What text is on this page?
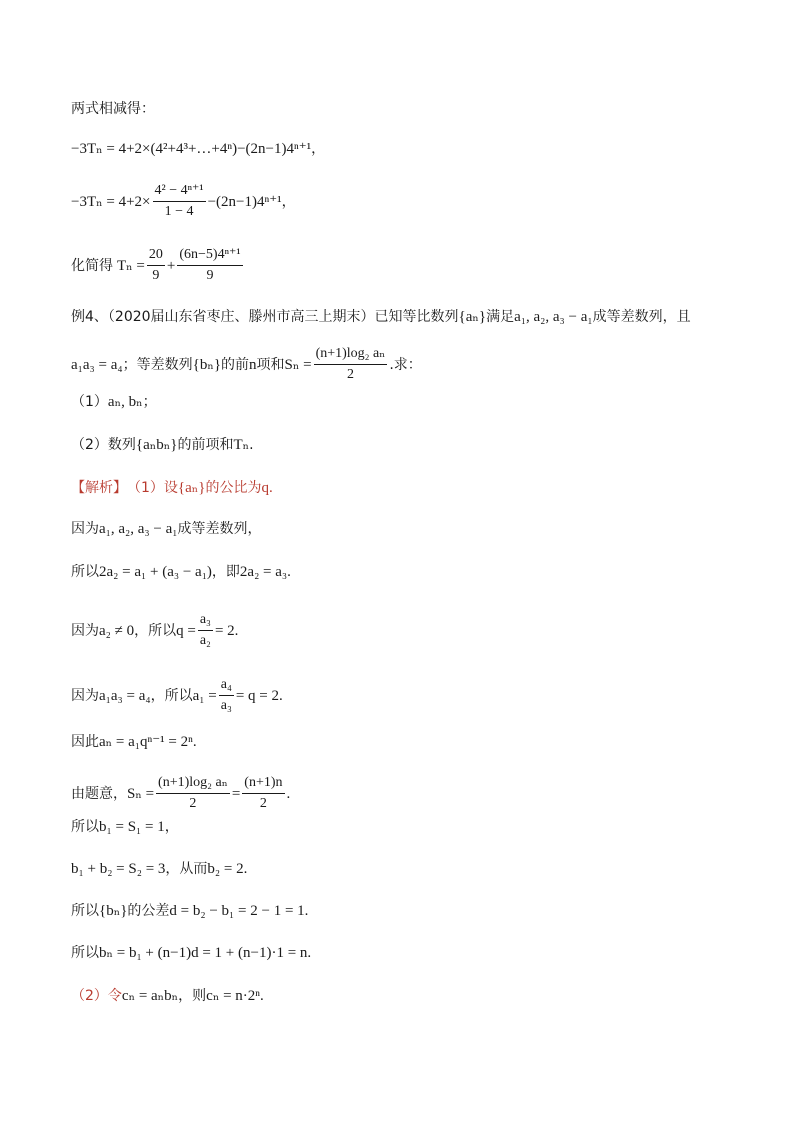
两式相减得：
−3Tₙ = 4+2×(4²+4³+…+4ⁿ)−(2n−1)4ⁿ⁺¹ ，
$-3T_n = 4+2\times \frac{\text{4² − 4ⁿ⁺¹}}{1 - 4} -(2n-1)4^{n+1}$ ，
化简得 $T_n = \frac{20}{9} + \frac{\text{(6n−5)4ⁿ⁺¹}}{9}$
例4、（2020届山东省枣庄、滕州市高三上期末）已知等比数列 {aₙ} 满足 a₁, a₂, a₃ − a₁ 成等差数列，且
a₁a₃ = a₄ ；等差数列 {bₙ} 的前 n 项和 $S_n = \frac{\text{(n+1)log₂ aₙ}}{2}$ .求：
（1） aₙ, bₙ ；
（2）数列 {aₙbₙ} 的前项和 Tₙ .
【解析】 （1）设 {aₙ} 的公比为 q.
因为 a₁, a₂, a₃ − a₁ 成等差数列，
所以 2a₂ = a₁ + (a₃ − a₁) ，即 2a₂ = a₃.
因为 a₂ ≠ 0 ，所以 $q = \frac{\text{a₃}}{\text{a₂}} = 2$.
因为 a₁a₃ = a₄ ，所以 $a_1 = \frac{\text{a₄}}{\text{a₃}} = q = 2$.
因此 aₙ = a₁qⁿ⁻¹ = 2ⁿ.
由题意， $S_n = \frac{\text{(n+1)log₂ aₙ}}{2} = \frac{(n+1)n}{2}$ .
所以 b₁ = S₁ = 1 ，
b₁ + b₂ = S₂ = 3 ，从而 b₂ = 2.
所以 {bₙ} 的公差 d = b₂ − b₁ = 2 − 1 = 1.
所以 bₙ = b₁ + (n−1)d = 1 + (n−1)·1 = n.
（2）令 cₙ = aₙbₙ ，则 cₙ = n·2ⁿ.
